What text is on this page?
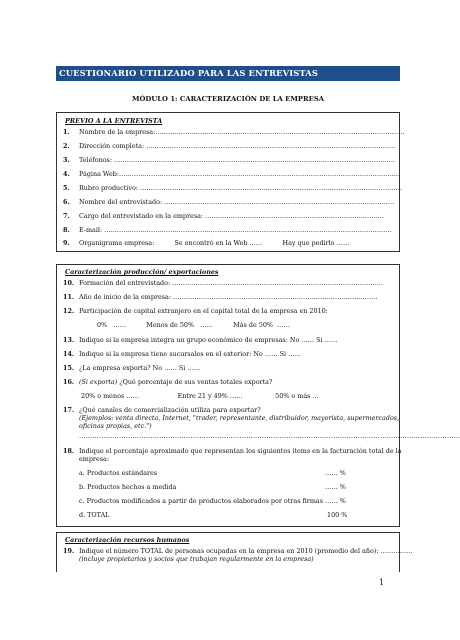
CUESTIONARIO UTILIZADO PARA LAS ENTREVISTAS
MÓDULO 1: CARACTERIZACIÓN DE LA EMPRESA
PREVIO A LA ENTREVISTA
1. Nombre de la empresa:………………………………………………………………………………………………………
2. Dirección completa: ………………………………………………………………………………………………………
3. Teléfonos: ……………………………………………………………………………………………………………………
4. Página Web:……………………………………………………………………………………………………………………
5. Rubro productivo: ……………………………………………………………………………………………………………
6. Nombre del entrevistado: ………………………………………………………………………………………………
7. Cargo del entrevistado en la empresa: …………………………………………………………………………
8. E-mail: ………………………………………………………………………………………………………………………
9. Organigrama empresa:          Se encontró en la Web ……          Hay que pedirlo ……
Caracterización producción/ exportaciones
10. Formación del entrevistado: ………………………………………………………………………………………
11. Año de inicio de la empresa: ……………………………………………………………………………………
12. Participación de capital extranjero en el capital total de la empresa en 2010:
0%   ……          Menos de 50%   ……          Más de 50%  ……
13. Indique si la empresa integra un grupo económico de empresas: No …… Si ……
14. Indique si la empresa tiene sucursales en el exterior: No …… Si ……
15. ¿La empresa exporta? No …… Si ……
16. (Si exporta) ¿Qué porcentaje de sus ventas totales exporta?
20% o menos ……                   Entre 21 y 49% ……                50% o más …
17. ¿Qué canales de comercialización utiliza para exportar?
(Ejemplos: venta directa, Internet, "trader, representante, distribuidor, mayorista, supermercados,
oficinas propias, etc.")
………………………………………………………………………………………………………………………………………………………
18. Indique el porcentaje aproximado que representan los siguientes ítems en la facturación total de la
empresa:
a. Productos estándares	…… %
b. Productos hechos a medida	…… %
c. Productos modificados a partir de productos elaborados por otras firmas …… %
d. TOTAL	100 %
Caracterización recursos humanos
19. Indique el número TOTAL de personas ocupadas en la empresa en 2010 (promedio del año): ……………
(incluye propietarios y socios que trabajan regularmente en la empresa)
1
